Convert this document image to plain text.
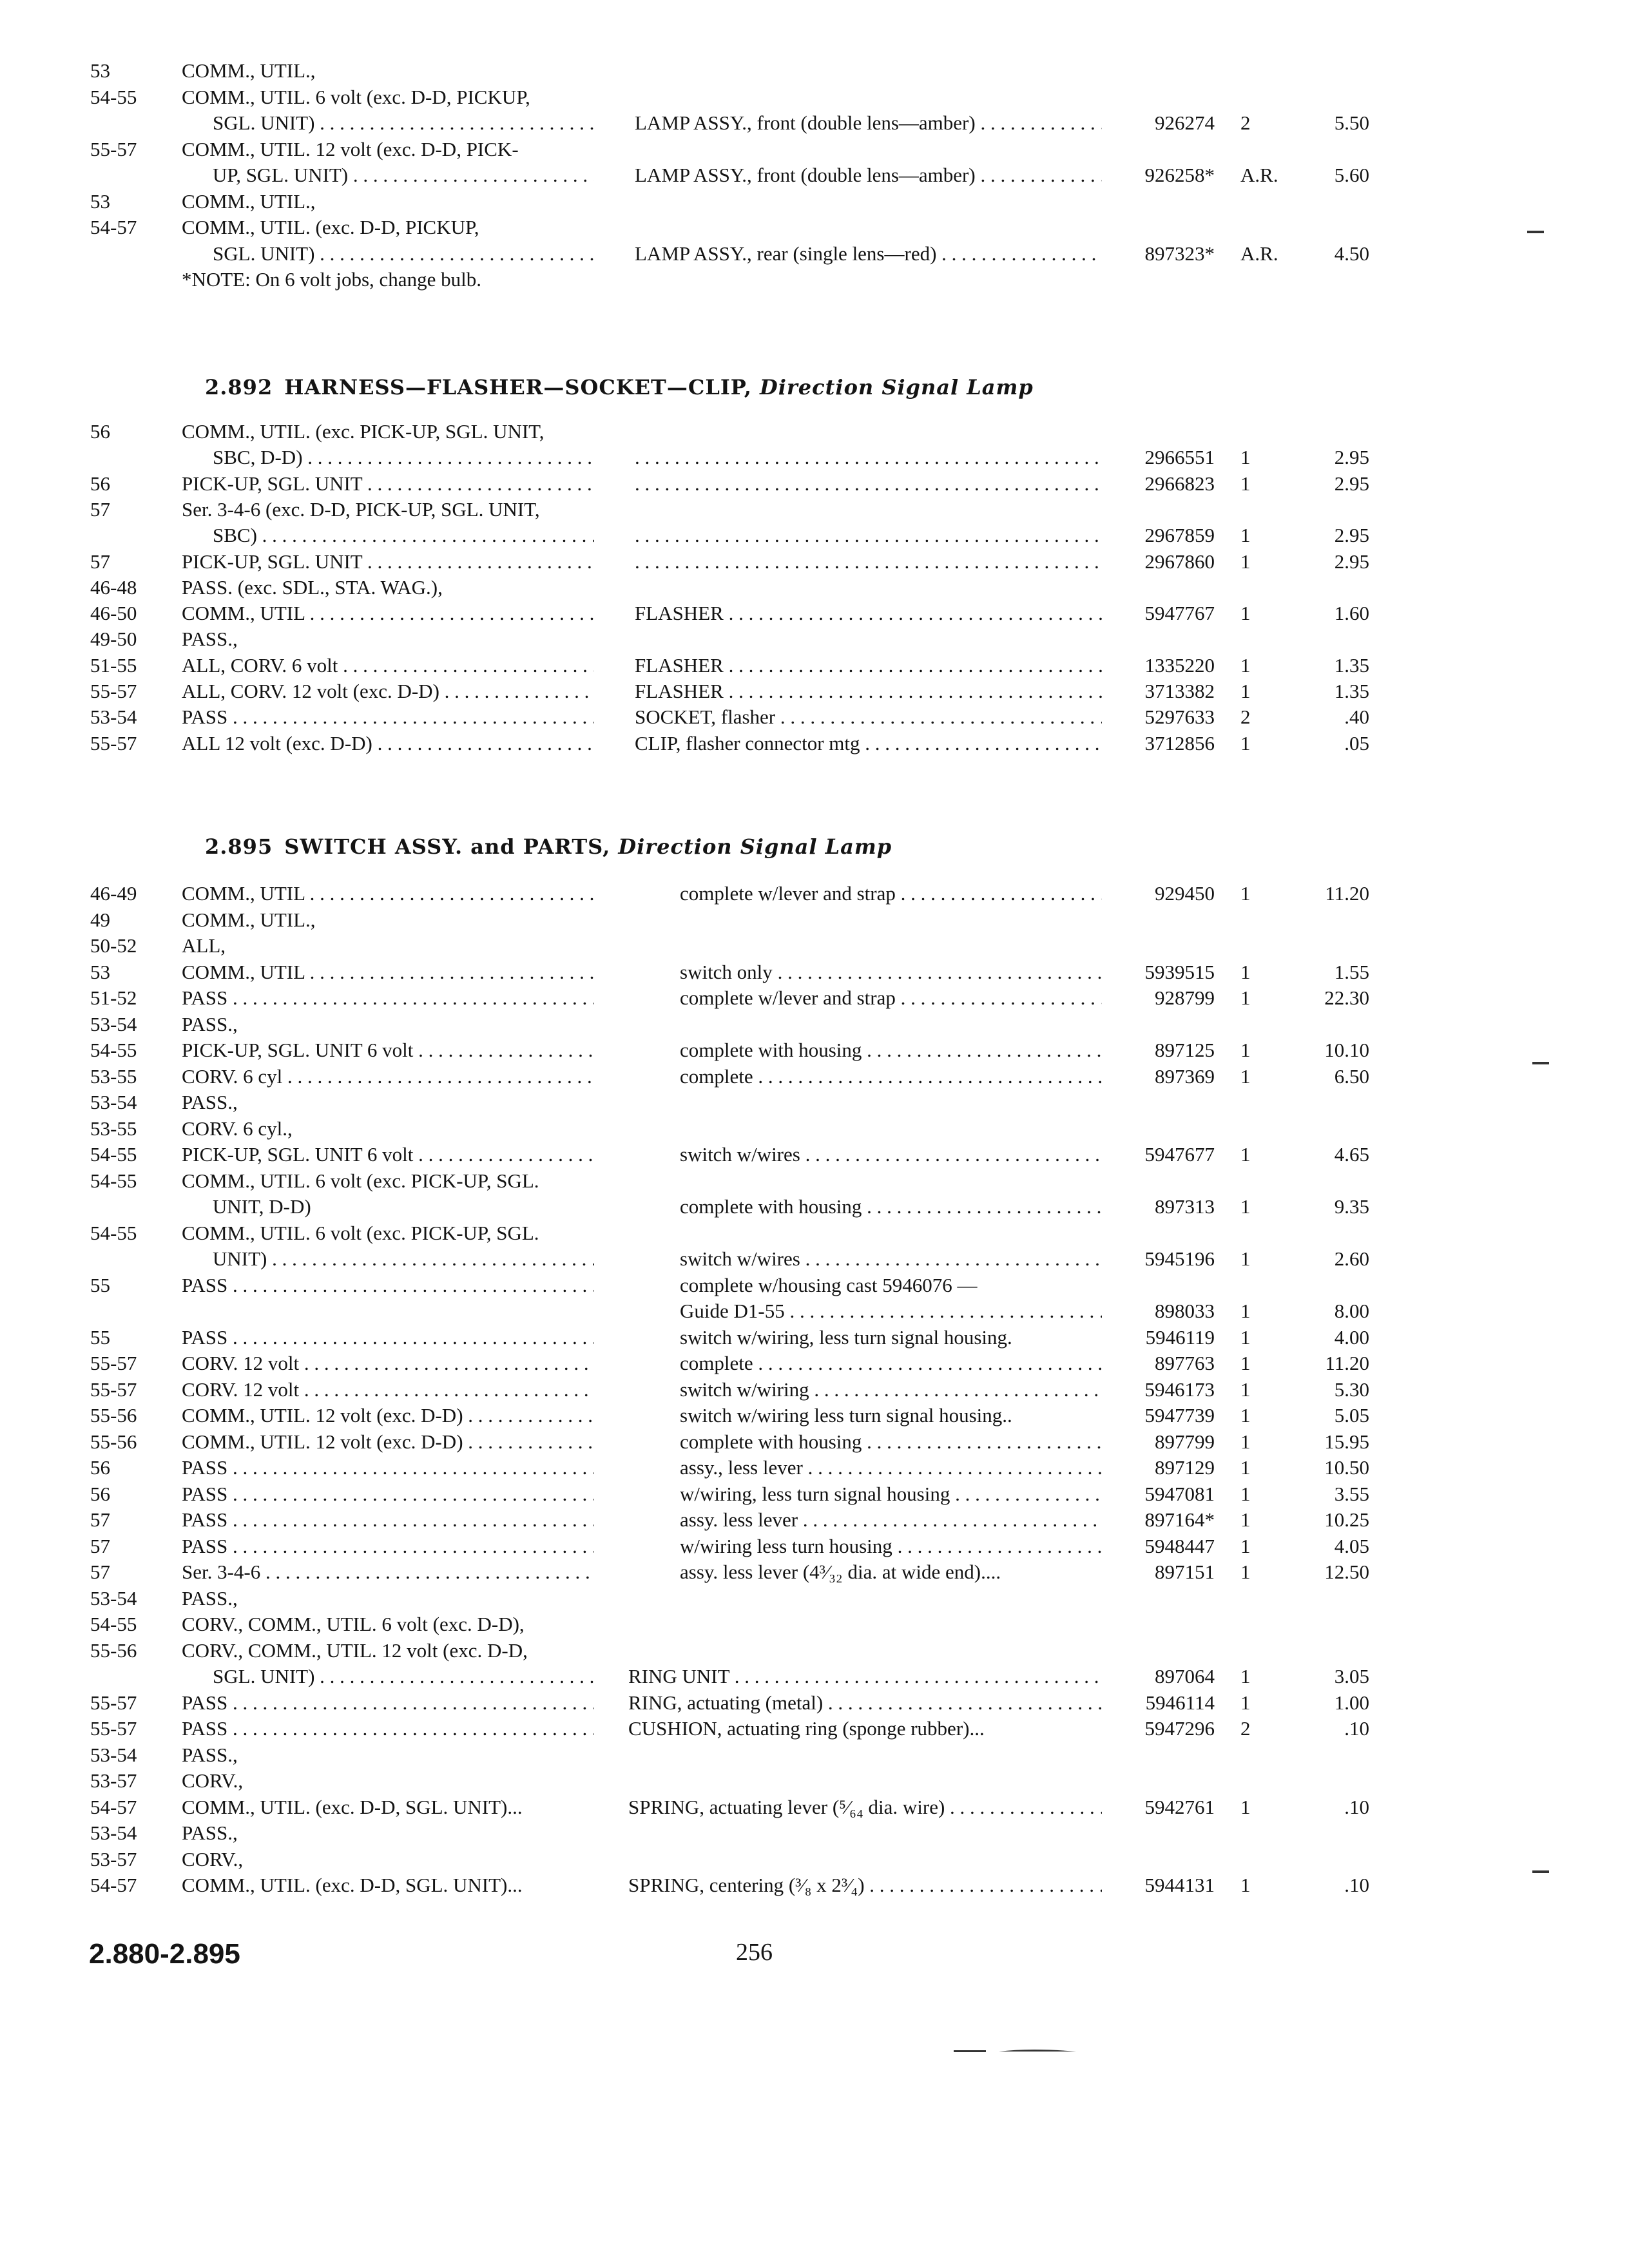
53	COMM., UTIL.,
54-55 COMM., UTIL. 6 volt (exc. D-D, PICKUP,
SGL. UNIT) . . .	LAMP ASSY., front (double lens—amber) . . .	926274 2	5.50
55-57 COMM., UTIL. 12 volt (exc. D-D, PICK-
UP, SGL. UNIT) . . .	LAMP ASSY., front (double lens—amber) . . .	926258* A.R.	5.60
53	COMM., UTIL.,
54-57 COMM., UTIL. (exc. D-D, PICKUP,
SGL. UNIT) . . .	LAMP ASSY., rear (single lens—red) . . .	897323* A.R.	4.50
*NOTE: On 6 volt jobs, change bulb.
2.892 HARNESS—FLASHER—SOCKET—CLIP, Direction Signal Lamp
56	COMM., UTIL. (exc. PICK-UP, SGL. UNIT,
SBC, D-D) . . . . . .	2966551 1	2.95
56	PICK-UP, SGL. UNIT . . . . . .	2966823 1	2.95
57	Ser. 3-4-6 (exc. D-D, PICK-UP, SGL. UNIT,
SBC) . . . . . .	2967859 1	2.95
57	PICK-UP, SGL. UNIT . . . . . .	2967860 1	2.95
46-48 PASS. (exc. SDL., STA. WAG.),
46-50 COMM., UTIL . . .	FLASHER . . .	5947767 1	1.60
49-50 PASS.,
51-55 ALL, CORV. 6 volt . . .	FLASHER . . .	1335220 1	1.35
55-57 ALL, CORV. 12 volt (exc. D-D) . . .	FLASHER . . .	3713382 1	1.35
53-54 PASS . . .	SOCKET, flasher . . .	5297633 2	.40
55-57 ALL 12 volt (exc. D-D) . . .	CLIP, flasher connector mtg . . .	3712856 1	.05
2.895 SWITCH ASSY. and PARTS, Direction Signal Lamp
46-49 COMM., UTIL . . .	complete w/lever and strap . . .	929450 1	11.20
49	COMM., UTIL.,
50-52 ALL,
53	COMM., UTIL . . .	switch only . . .	5939515 1	1.55
51-52 PASS . . .	complete w/lever and strap . . .	928799 1	22.30
53-54 PASS.,
54-55 PICK-UP, SGL. UNIT 6 volt . . .	complete with housing . . .	897125 1	10.10
53-55 CORV. 6 cyl . . .	complete . . .	897369 1	6.50
53-54 PASS.,
53-55 CORV. 6 cyl.,
54-55 PICK-UP, SGL. UNIT 6 volt . . .	switch w/wires . . .	5947677 1	4.65
54-55 COMM., UTIL. 6 volt (exc. PICK-UP, SGL.
UNIT, D-D)	complete with housing . . .	897313 1	9.35
54-55 COMM., UTIL. 6 volt (exc. PICK-UP, SGL.
UNIT) . . .	switch w/wires . . .	5945196 1	2.60
55	PASS . . .	complete w/housing cast 5946076 —
Guide D1-55 . . .	898033 1	8.00
55	PASS . . .	switch w/wiring, less turn signal housing.	5946119 1	4.00
55-57 CORV. 12 volt . . .	complete . . .	897763 1	11.20
55-57 CORV. 12 volt . . .	switch w/wiring . . .	5946173 1	5.30
55-56 COMM., UTIL. 12 volt (exc. D-D) . . .	switch w/wiring less turn signal housing..	5947739 1	5.05
55-56 COMM., UTIL. 12 volt (exc. D-D) . . .	complete with housing . . .	897799 1	15.95
56	PASS . . .	assy., less lever . . .	897129 1	10.50
56	PASS . . .	w/wiring, less turn signal housing . . .	5947081 1	3.55
57	PASS . . .	assy. less lever . . .	897164* 1	10.25
57	PASS . . .	w/wiring less turn housing . . .	5948447 1	4.05
57	Ser. 3-4-6 . . .	assy. less lever (4³⁄₃₂ dia. at wide end)....	897151 1	12.50
53-54 PASS.,
54-55 CORV., COMM., UTIL. 6 volt (exc. D-D),
55-56 CORV., COMM., UTIL. 12 volt (exc. D-D,
SGL. UNIT) . . .	RING UNIT . . .	897064 1	3.05
55-57 PASS . . .	RING, actuating (metal) . . .	5946114 1	1.00
55-57 PASS . . .	CUSHION, actuating ring (sponge rubber)...	5947296 2	.10
53-54 PASS.,
53-57 CORV.,
54-57 COMM., UTIL. (exc. D-D, SGL. UNIT)...	SPRING, actuating lever (⁵⁄₆₄ dia. wire) . . .	5942761 1	.10
53-54 PASS.,
53-57 CORV.,
54-57 COMM., UTIL. (exc. D-D, SGL. UNIT)...	SPRING, centering (³⁄₈ x 2³⁄₄) . . .	5944131 1	.10
2.880-2.895	256
